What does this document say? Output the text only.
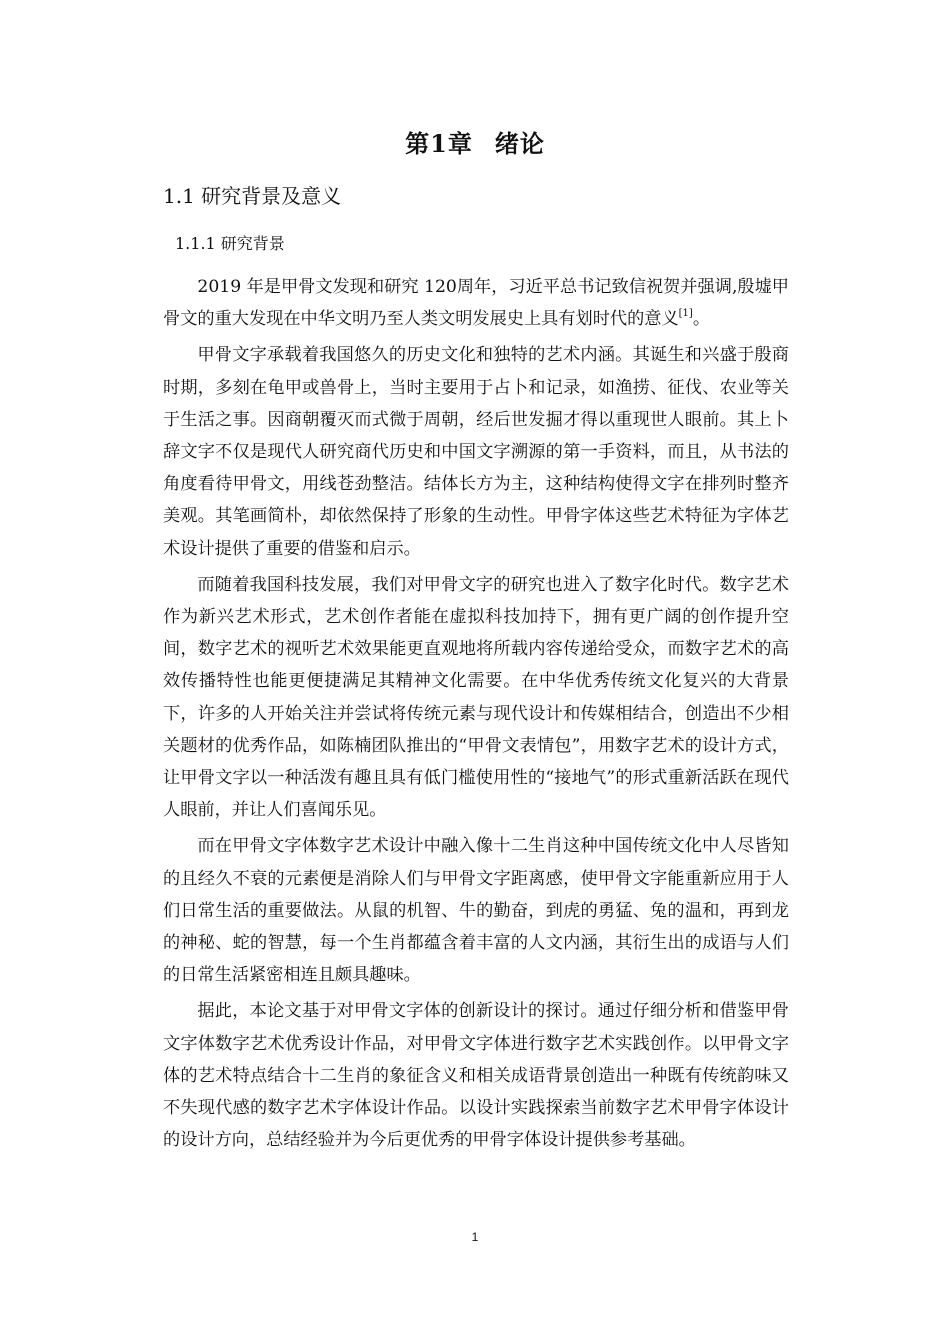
第1章 绪论
1.1 研究背景及意义
1.1.1 研究背景

2019 年是甲骨文发现和研究 120周年，习近平总书记致信祝贺并强调,殷墟甲骨文的重大发现在中华文明乃至人类文明发展史上具有划时代的意义[1]。

甲骨文字承载着我国悠久的历史文化和独特的艺术内涵。其诞生和兴盛于殷商时期，多刻在龟甲或兽骨上，当时主要用于占卜和记录，如渔捞、征伐、农业等关于生活之事。因商朝覆灭而式微于周朝，经后世发掘才得以重现世人眼前。其上卜辞文字不仅是现代人研究商代历史和中国文字溯源的第一手资料，而且，从书法的角度看待甲骨文，用线苍劲整洁。结体长方为主，这种结构使得文字在排列时整齐美观。其笔画简朴，却依然保持了形象的生动性。甲骨字体这些艺术特征为字体艺术设计提供了重要的借鉴和启示。

而随着我国科技发展，我们对甲骨文字的研究也进入了数字化时代。数字艺术作为新兴艺术形式，艺术创作者能在虚拟科技加持下，拥有更广阔的创作提升空间，数字艺术的视听艺术效果能更直观地将所载内容传递给受众，而数字艺术的高效传播特性也能更便捷满足其精神文化需要。在中华优秀传统文化复兴的大背景下，许多的人开始关注并尝试将传统元素与现代设计和传媒相结合，创造出不少相关题材的优秀作品，如陈楠团队推出的“甲骨文表情包”，用数字艺术的设计方式，让甲骨文字以一种活泼有趣且具有低门槛使用性的“接地气”的形式重新活跃在现代人眼前，并让人们喜闻乐见。

而在甲骨文字体数字艺术设计中融入像十二生肖这种中国传统文化中人尽皆知的且经久不衰的元素便是消除人们与甲骨文字距离感，使甲骨文字能重新应用于人们日常生活的重要做法。从鼠的机智、牛的勤奋，到虎的勇猛、兔的温和，再到龙的神秘、蛇的智慧，每一个生肖都蕴含着丰富的人文内涵，其衍生出的成语与人们的日常生活紧密相连且颇具趣味。

据此，本论文基于对甲骨文字体的创新设计的探讨。通过仔细分析和借鉴甲骨文字体数字艺术优秀设计作品，对甲骨文字体进行数字艺术实践创作。以甲骨文字体的艺术特点结合十二生肖的象征含义和相关成语背景创造出一种既有传统韵味又不失现代感的数字艺术字体设计作品。以设计实践探索当前数字艺术甲骨字体设计的设计方向，总结经验并为今后更优秀的甲骨字体设计提供参考基础。

1
